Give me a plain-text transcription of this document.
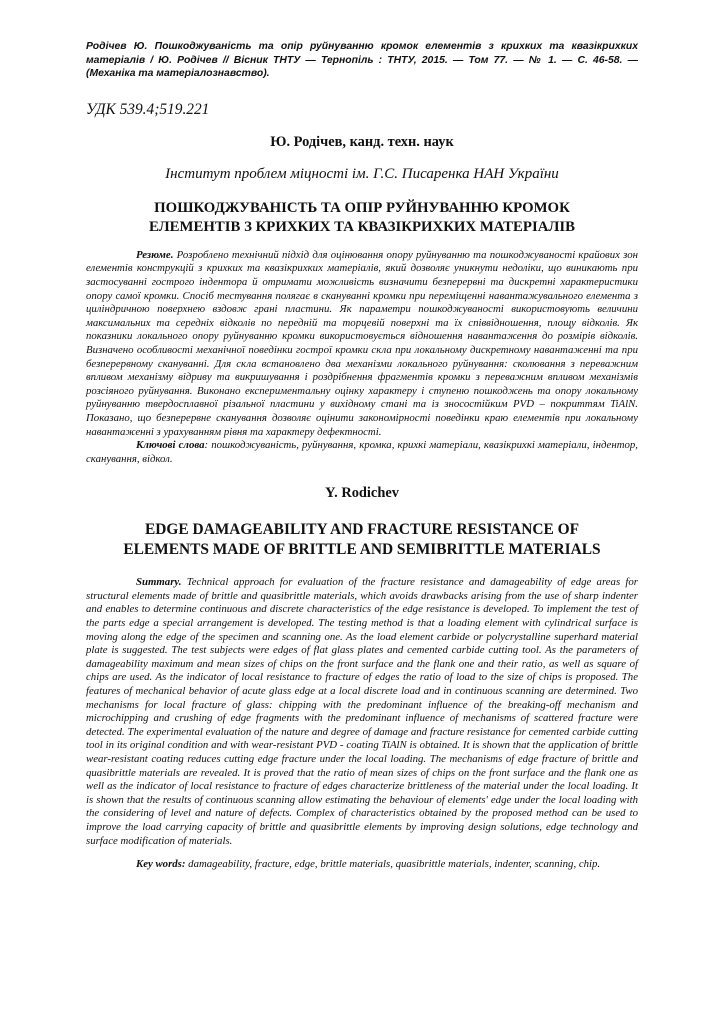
Родічев Ю. Пошкоджуваність та опір руйнуванню кромок елементів з крихких та квазікрихких матеріалів / Ю. Родічев // Вісник ТНТУ — Тернопіль : ТНТУ, 2015. — Том 77. — № 1. — С. 46-58. — (Механіка та матеріалознавство).

УДК 539.4;519.221
Ю. Родічев, канд. техн. наук
Інститут проблем міцності ім. Г.С. Писаренка НАН України
ПОШКОДЖУВАНІСТЬ ТА ОПІР РУЙНУВАННЮ КРОМОК
ЕЛЕМЕНТІВ З КРИХКИХ ТА КВАЗІКРИХКИХ МАТЕРІАЛІВ

Резюме. Розроблено технічний підхід для оцінювання опору руйнуванню та пошкоджуваності крайових зон елементів конструкцій з крихких та квазікрихких матеріалів, який дозволяє уникнути недоліки, що виникають при застосуванні гострого індентора й отримати можливість визначити безперервні та дискретні характеристики опору самої кромки. Спосіб тестування полягає в скануванні кромки при переміщенні навантажувального елемента з циліндричною поверхнею вздовж грані пластини. Як параметри пошкоджуваності використовують величини максимальних та середніх відколів по передній та торцевій поверхні та їх співвідношення, площу відколів. Як показники локального опору руйнуванню кромки використовується відношення навантаження до розмірів відколів. Визначено особливості механічної поведінки гострої кромки скла при локальному дискретному навантаженні та при безперервному скануванні. Для скла встановлено два механізми локального руйнування: сколювання з переважним впливом механізму відриву та викришування і роздрібнення фрагментів кромки з переважним впливом механізмів розсіяного руйнування. Виконано експериментальну оцінку характеру і ступеню пошкоджень та опору локальному руйнуванню твердосплавної різальної пластини у вихідному стані та із зносостійким PVD – покриттям TiAlN. Показано, що безперервне сканування дозволяє оцінити закономірності поведінки краю елементів при локальному навантаженні з урахуванням рівня та характеру дефектності.

Ключові слова: пошкоджуваність, руйнування, кромка, крихкі матеріали, квазікрихкі матеріали, індентор, сканування, відкол.

Y. Rodichev
EDGE DAMAGEABILITY AND FRACTURE RESISTANCE OF
ELEMENTS MADE OF BRITTLE AND SEMIBRITTLE MATERIALS

Summary. Technical approach for evaluation of the fracture resistance and damageability of edge areas for structural elements made of brittle and quasibrittle materials, which avoids drawbacks arising from the use of sharp indenter and enables to determine continuous and discrete characteristics of the edge resistance is developed. To implement the test of the parts edge a special arrangement is developed. The testing method is that a loading element with cylindrical surface is moving along the edge of the specimen and scanning one. As the load element carbide or polycrystalline superhard material plate is suggested. The test subjects were edges of flat glass plates and cemented carbide cutting tool. As the parameters of damageability maximum and mean sizes of chips on the front surface and the flank one and their ratio, as well as square of chips are used. As the indicator of local resistance to fracture of edges the ratio of load to the size of chips is proposed. The features of mechanical behavior of acute glass edge at a local discrete load and in continuous scanning are determined. Two mechanisms for local fracture of glass: chipping with the predominant influence of the breaking-off mechanism and microchipping and crushing of edge fragments with the predominant influence of mechanisms of scattered fracture were detected. The experimental evaluation of the nature and degree of damage and fracture resistance for cemented carbide cutting tool in its original condition and with wear-resistant PVD - coating TiAlN is obtained. It is shown that the application of brittle wear-resistant coating reduces cutting edge fracture under the local loading. The mechanisms of edge fracture of brittle and quasibrittle materials are revealed. It is proved that the ratio of mean sizes of chips on the front surface and the flank one as well as the indicator of local resistance to fracture of edges characterize brittleness of the material under the local loading. It is shown that the results of continuous scanning allow estimating the behaviour of elements' edge under the local loading with the considering of level and nature of defects. Complex of characteristics obtained by the proposed method can be used to improve the load carrying capacity of brittle and quasibrittle elements by improving design solutions, edge technology and surface modification of materials.

Key words: damageability, fracture, edge, brittle materials, quasibrittle materials, indenter, scanning, chip.
